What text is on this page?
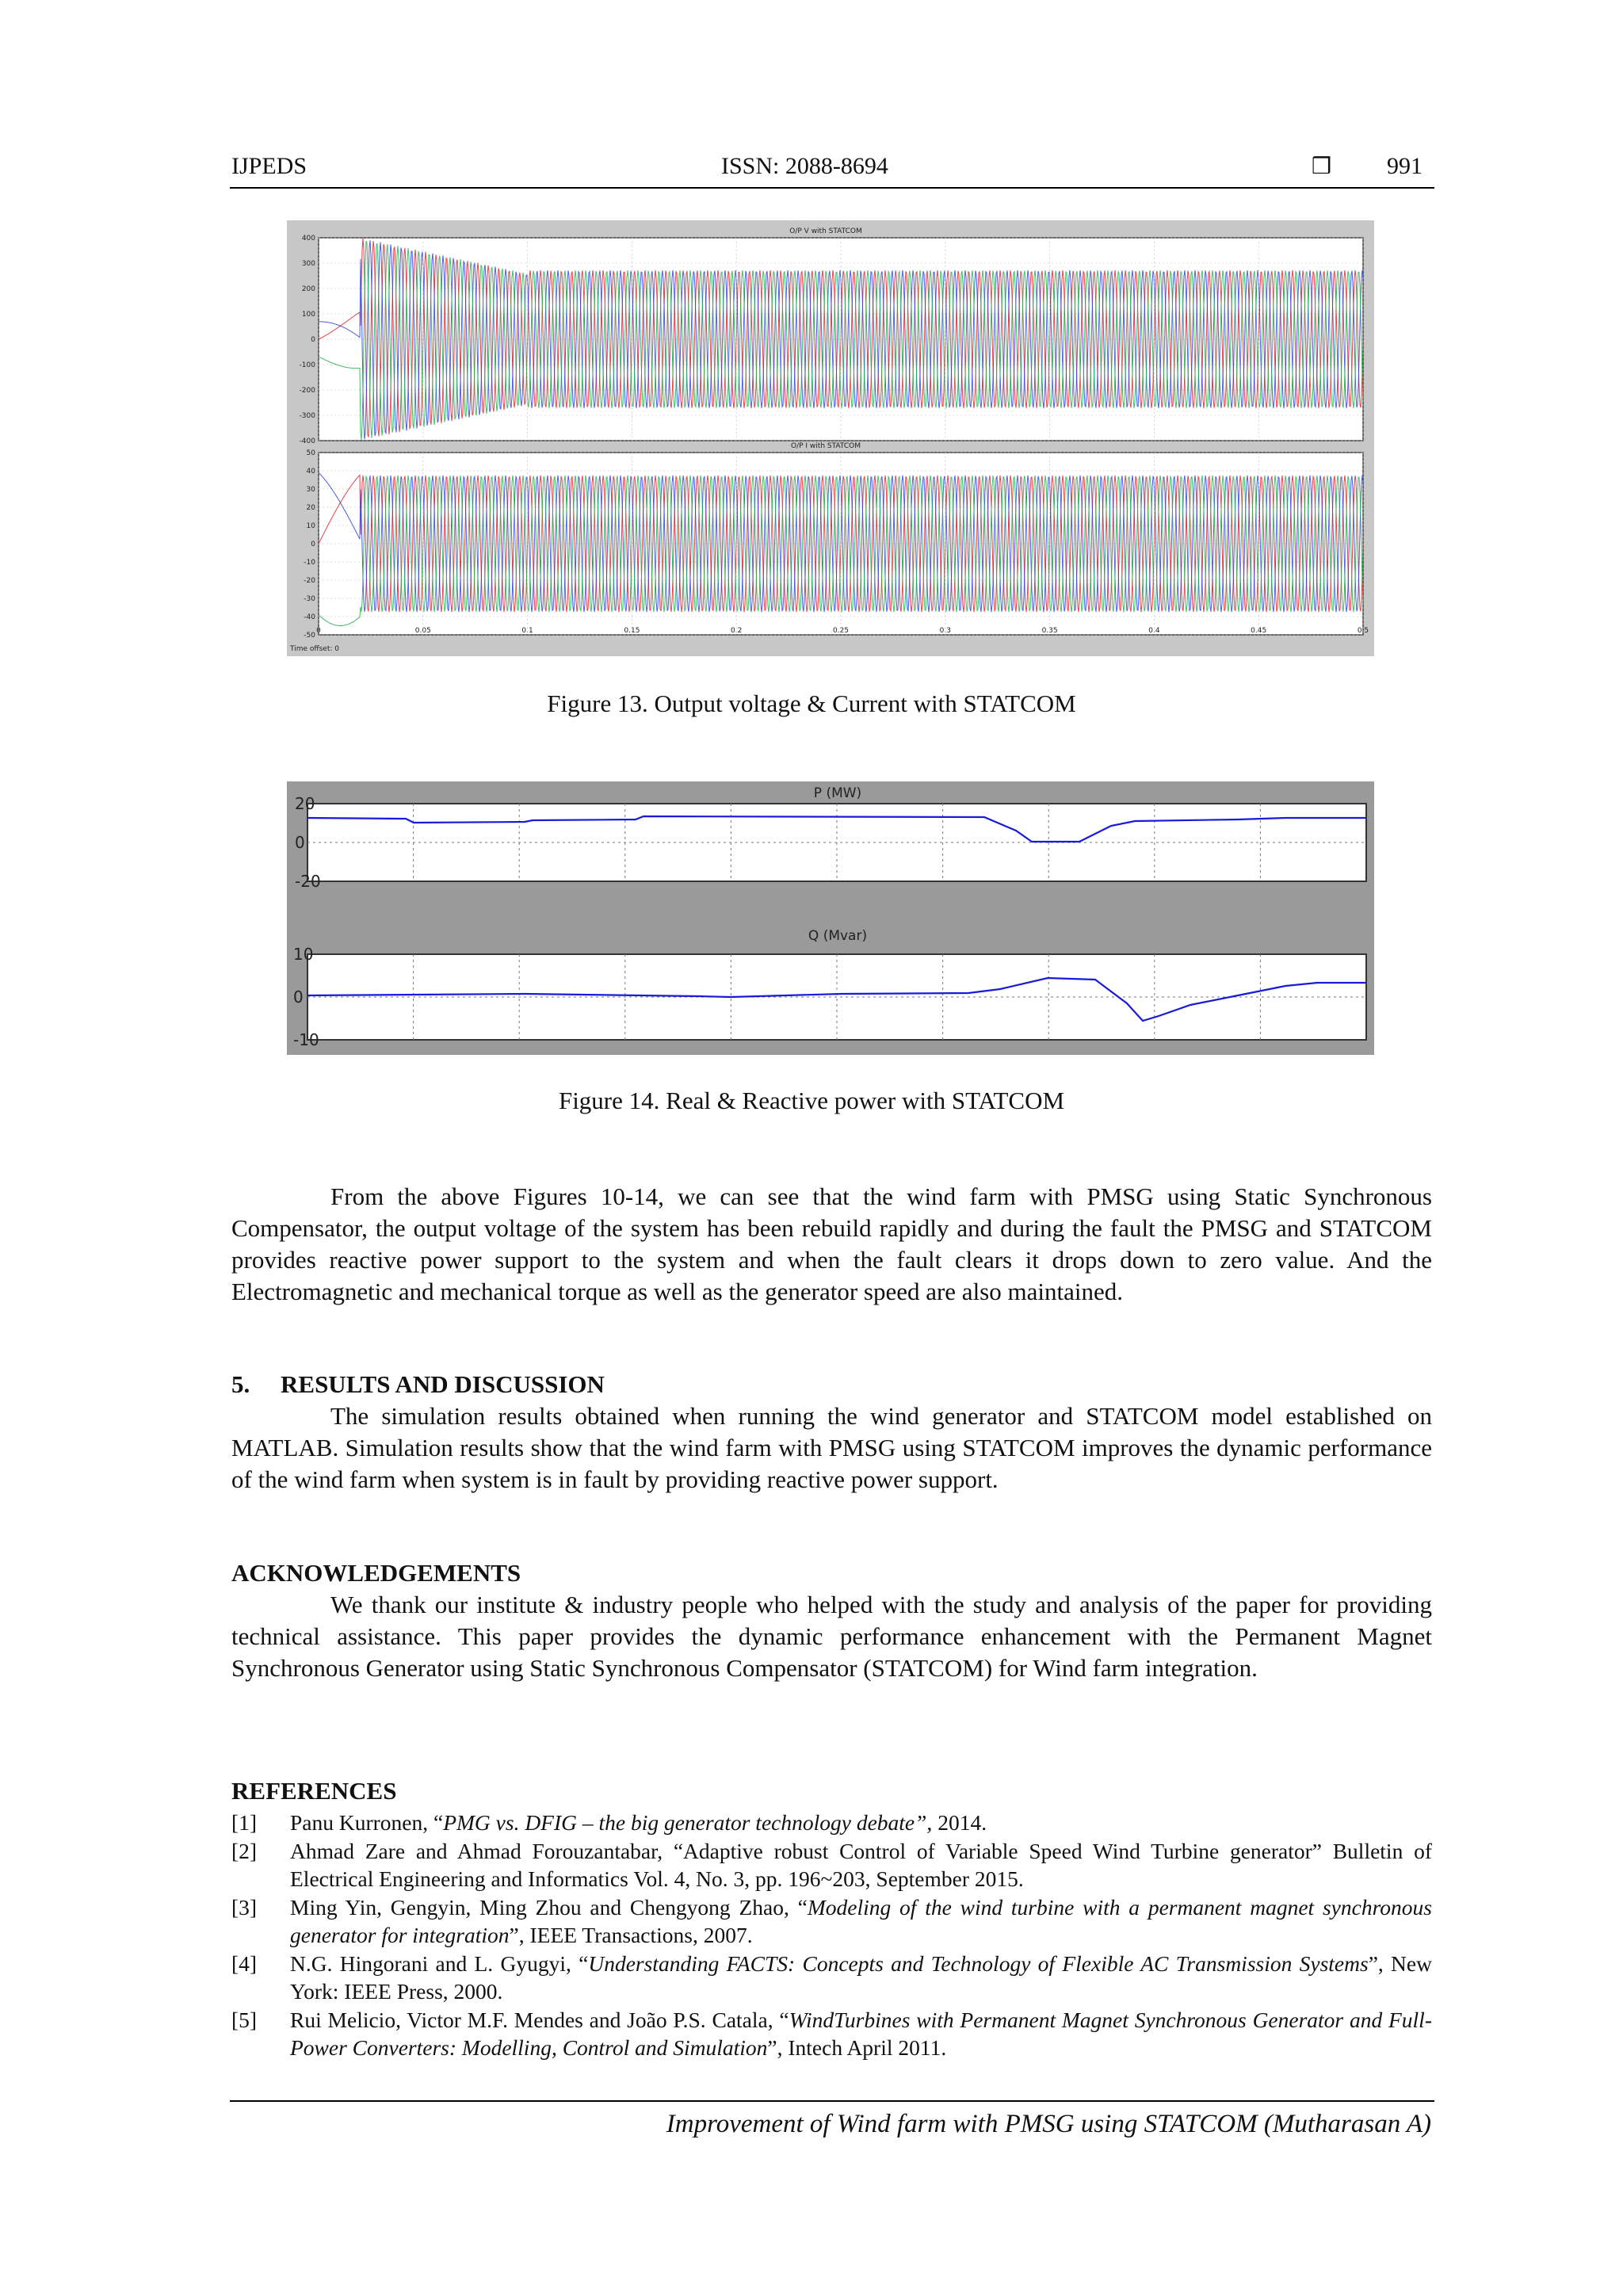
IJPEDS	ISSN: 2088-8694	❒ 991
O/P V with STATCOM
400
300
200
100
0
-100
-200
-300
-400
O/P I with STATCOM
50
40
30
20
10
0
-10
-20
-30
-40
-50
0	0.05	0.1	0.15	0.2	0.25	0.3	0.35	0.4	0.45	0.5
Time offset: 0
Figure 13. Output voltage & Current with STATCOM
P (MW)
Q (Mvar)
20
0
-20
10
0
-10
Figure 14. Real & Reactive power with STATCOM
From the above Figures 10-14, we can see that the wind farm with PMSG using Static Synchronous Compensator, the output voltage of the system has been rebuild rapidly and during the fault the PMSG and STATCOM provides reactive power support to the system and when the fault clears it drops down to zero value. And the Electromagnetic and mechanical torque as well as the generator speed are also maintained.
5.     RESULTS AND DISCUSSION
The simulation results obtained when running the wind generator and STATCOM model established on MATLAB. Simulation results show that the wind farm with PMSG using STATCOM improves the dynamic performance of the wind farm when system is in fault by providing reactive power support.
ACKNOWLEDGEMENTS
We thank our institute & industry people who helped with the study and analysis of the paper for providing technical assistance. This paper provides the dynamic performance enhancement with the Permanent Magnet Synchronous Generator using Static Synchronous Compensator (STATCOM) for Wind farm integration.
REFERENCES
[1]	Panu Kurronen, “PMG vs. DFIG – the big generator technology debate”, 2014.
[2]	Ahmad Zare and Ahmad Forouzantabar, “Adaptive robust Control of Variable Speed Wind Turbine generator” Bulletin of Electrical Engineering and Informatics Vol. 4, No. 3, pp. 196~203, September 2015.
[3]	Ming Yin, Gengyin, Ming Zhou and Chengyong Zhao, “Modeling of the wind turbine with a permanent magnet synchronous generator for integration”, IEEE Transactions, 2007.
[4]	N.G. Hingorani and L. Gyugyi, “Understanding FACTS: Concepts and Technology of Flexible AC Transmission Systems”, New York: IEEE Press, 2000.
[5]	Rui Melicio, Victor M.F. Mendes and João P.S. Catala, “WindTurbines with Permanent Magnet Synchronous Generator and Full-Power Converters: Modelling, Control and Simulation”, Intech April 2011.
Improvement of Wind farm with PMSG using STATCOM (Mutharasan A)
